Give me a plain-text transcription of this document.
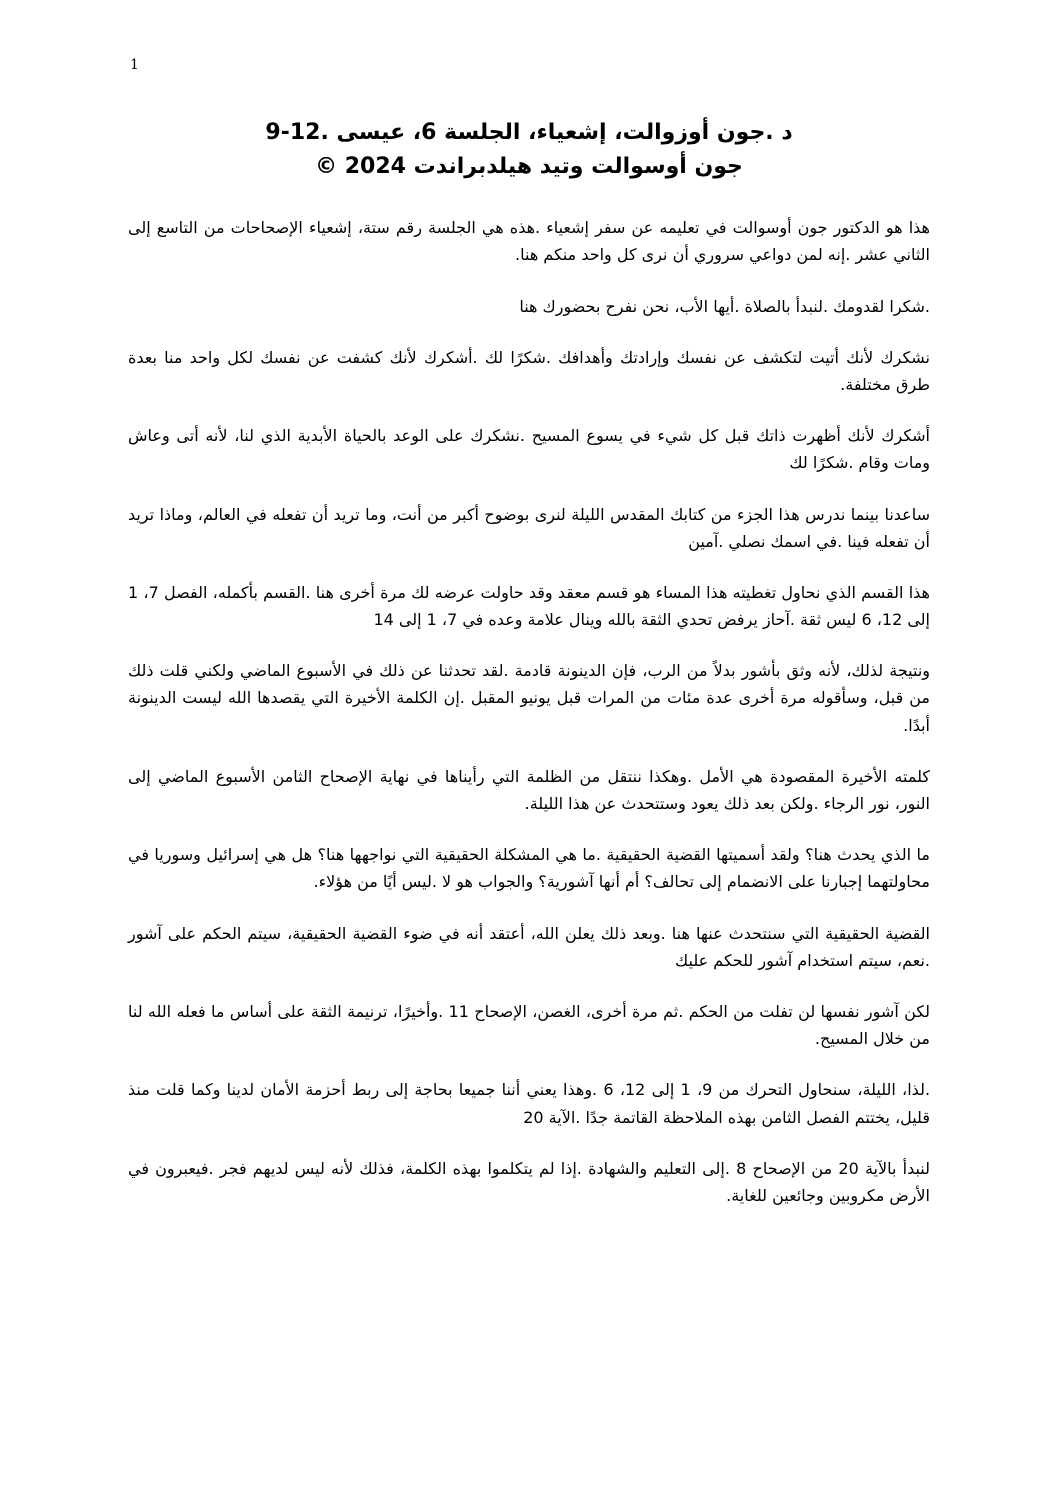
1
د .جون أوزوالت، إشعياء، الجلسة 6، عيسى .12-9
جون أوسوالت وتيد هيلدبراندت 2024 ©

هذا هو الدكتور جون أوسوالت في تعليمه عن سفر إشعياء .هذه هي الجلسة رقم ستة، إشعياء الإصحاحات من التاسع إلى الثاني عشر .إنه لمن دواعي سروري أن نرى كل واحد منكم هنا.

.شكرا لقدومك .لنبدأ بالصلاة .أيها الأب، نحن نفرح بحضورك هنا

نشكرك لأنك أتيت لتكشف عن نفسك وإرادتك وأهدافك .شكرًا لك .أشكرك لأنك كشفت عن نفسك لكل واحد منا بعدة طرق مختلفة.

أشكرك لأنك أظهرت ذاتك قبل كل شيء في يسوع المسيح .نشكرك على الوعد بالحياة الأبدية الذي لنا، لأنه أتى وعاش ومات وقام .شكرًا لك

ساعدنا بينما ندرس هذا الجزء من كتابك المقدس الليلة لنرى بوضوح أكبر من أنت، وما تريد أن تفعله في العالم، وماذا تريد أن تفعله فينا .في اسمك نصلي .آمين

هذا القسم الذي نحاول تغطيته هذا المساء هو قسم معقد وقد حاولت عرضه لك مرة أخرى هنا .القسم بأكمله، الفصل 7، 1 إلى 12، 6 ليس ثقة .آحاز يرفض تحدي الثقة بالله وينال علامة وعده في 7، 1 إلى 14

ونتيجة لذلك، لأنه وثق بأشور بدلاً من الرب، فإن الدينونة قادمة .لقد تحدثنا عن ذلك في الأسبوع الماضي ولكني قلت ذلك من قبل، وسأقوله مرة أخرى عدة مئات من المرات قبل يونيو المقبل .إن الكلمة الأخيرة التي يقصدها الله ليست الدينونة أبدًا.

كلمته الأخيرة المقصودة هي الأمل .وهكذا ننتقل من الظلمة التي رأيناها في نهاية الإصحاح الثامن الأسبوع الماضي إلى النور، نور الرجاء .ولكن بعد ذلك يعود وستتحدث عن هذا الليلة.

ما الذي يحدث هنا؟ ولقد أسميتها القضية الحقيقية .ما هي المشكلة الحقيقية التي نواجهها هنا؟ هل هي إسرائيل وسوريا في محاولتهما إجبارنا على الانضمام إلى تحالف؟ أم أنها آشورية؟ والجواب هو لا .ليس أيًا من هؤلاء.

القضية الحقيقية التي سنتحدث عنها هنا .وبعد ذلك يعلن الله، أعتقد أنه في ضوء القضية الحقيقية، سيتم الحكم على آشور .نعم، سيتم استخدام آشور للحكم عليك

لكن آشور نفسها لن تفلت من الحكم .ثم مرة أخرى، الغصن، الإصحاح 11 .وأخيرًا، ترنيمة الثقة على أساس ما فعله الله لنا من خلال المسيح.

.لذا، الليلة، سنحاول التحرك من 9، 1 إلى 12، 6 .وهذا يعني أننا جميعا بحاجة إلى ربط أحزمة الأمان لدينا وكما قلت منذ قليل، يختتم الفصل الثامن بهذه الملاحظة القاتمة جدًا .الآية 20

لنبدأ بالآية 20 من الإصحاح 8 .إلى التعليم والشهادة .إذا لم يتكلموا بهذه الكلمة، فذلك لأنه ليس لديهم فجر .فيعبرون في الأرض مكروبين وجائعين للغاية.
